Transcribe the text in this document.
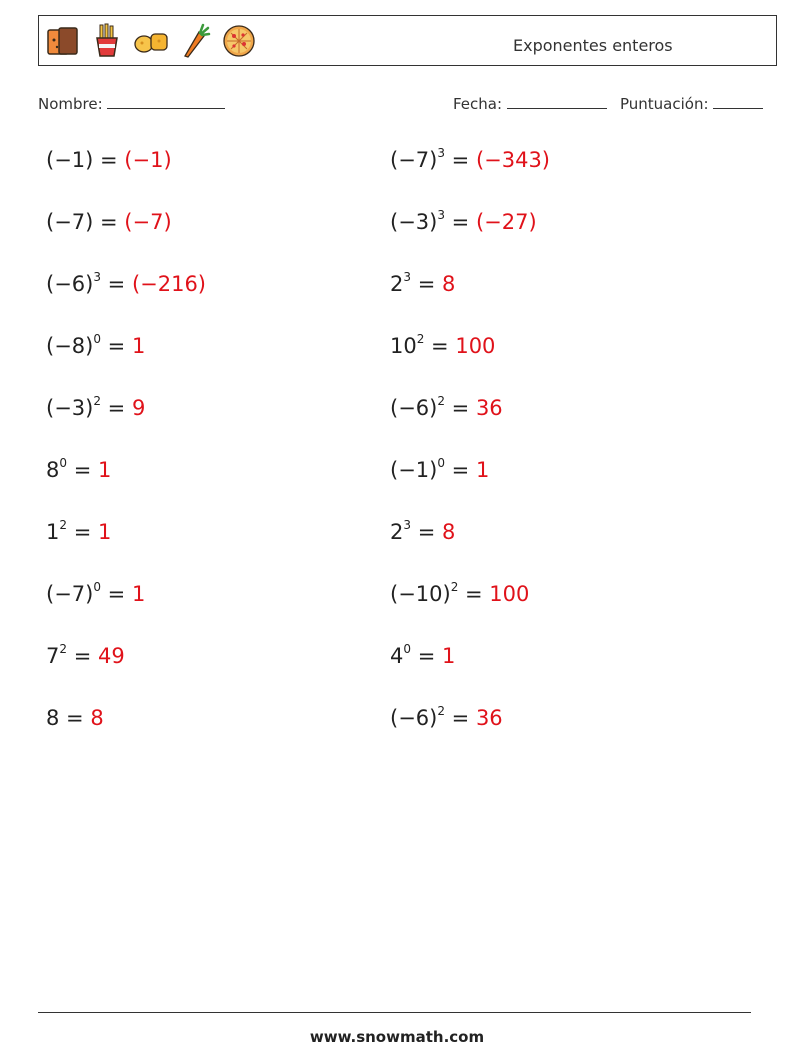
Exponentes enteros
Nombre:	Fecha:	Puntuación:
(−1) = (−1)	$(-7)^3 = (-343)$
(−7) = (−7)	$(-3)^3 = (-27)$
$(-6)^3 = (-216)$	$2^3 = 8$
$(-8)^0 = 1$	$10^2 = 100$
$(-3)^2 = 9$	$(-6)^2 = 36$
$8^0 = 1$	$(-1)^0 = 1$
$1^2 = 1$	$2^3 = 8$
$(-7)^0 = 1$	$(-10)^2 = 100$
$7^2 = 49$	$4^0 = 1$
8 = 8	$(-6)^2 = 36$
www.snowmath.com
